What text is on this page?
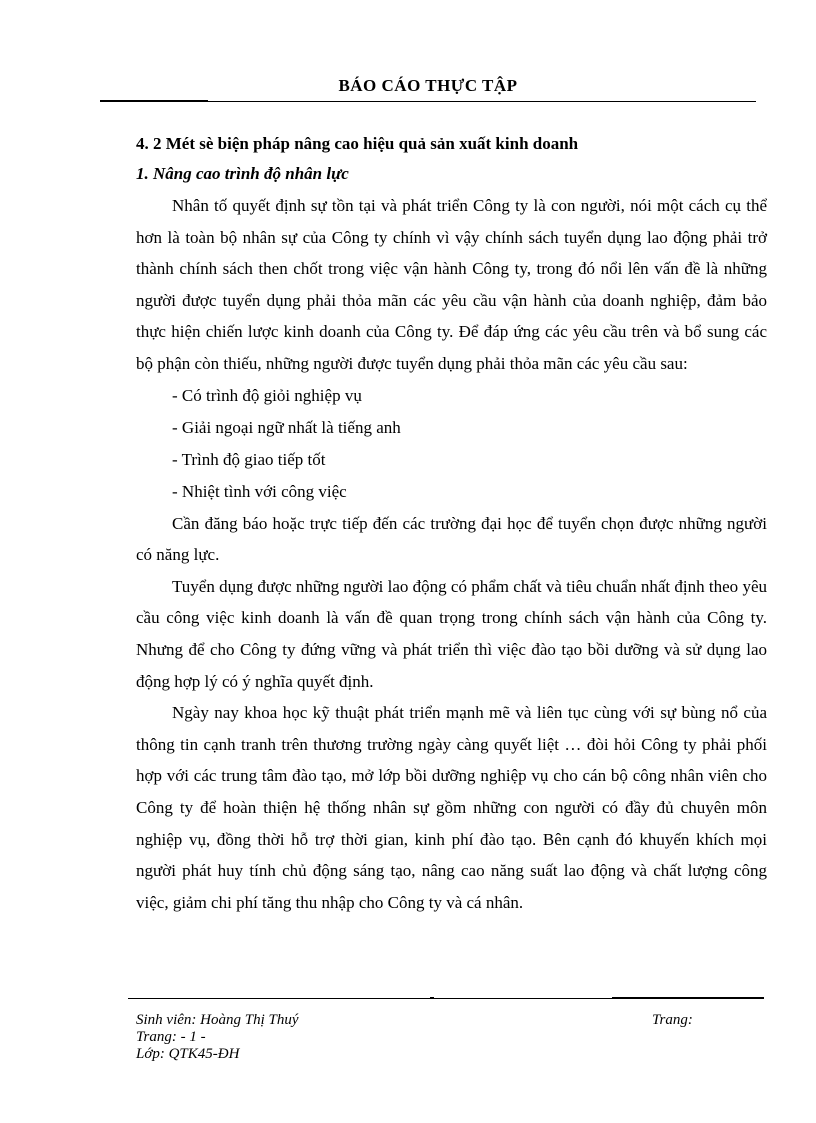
BÁO CÁO THỰC TẬP
4. 2 Mét sè biện pháp nâng cao hiệu quả sản xuất kinh doanh
1. Nâng cao trình độ nhân lực

Nhân tố quyết định sự tồn tại và phát triển Công ty là con người, nói một cách cụ thể hơn là toàn bộ nhân sự của Công ty chính vì vậy chính sách tuyển dụng lao động phải trở thành chính sách then chốt trong việc vận hành Công ty, trong đó nổi lên vấn đề là những người được tuyển dụng phải thỏa mãn các yêu cầu vận hành của doanh nghiệp, đảm bảo thực hiện chiến lược kinh doanh của Công ty. Để đáp ứng các yêu cầu trên và bổ sung các bộ phận còn thiếu, những người được tuyển dụng phải thỏa mãn các yêu cầu sau:

- Có trình độ giỏi nghiệp vụ
- Giải ngoại ngữ nhất là tiếng anh
- Trình độ giao tiếp tốt
- Nhiệt tình với công việc

Cần đăng báo hoặc trực tiếp đến các trường đại học để tuyển chọn được những người có năng lực.

Tuyển dụng được những người lao động có phẩm chất và tiêu chuẩn nhất định theo yêu cầu công việc kinh doanh là vấn đề quan trọng trong chính sách vận hành của Công ty. Nhưng để cho Công ty đứng vững và phát triển thì việc đào tạo bồi dưỡng và sử dụng lao động hợp lý có ý nghĩa quyết định.

Ngày nay khoa học kỹ thuật phát triển mạnh mẽ và liên tục cùng với sự bùng nổ của thông tin cạnh tranh trên thương trường ngày càng quyết liệt … đòi hỏi Công ty phải phối hợp với các trung tâm đào tạo, mở lớp bồi dưỡng nghiệp vụ cho cán bộ công nhân viên cho Công ty để hoàn thiện hệ thống nhân sự gồm những con người có đầy đủ chuyên môn nghiệp vụ, đồng thời hỗ trợ thời gian, kinh phí đào tạo. Bên cạnh đó khuyến khích mọi người phát huy tính chủ động sáng tạo, nâng cao năng suất lao động và chất lượng công việc, giảm chi phí tăng thu nhập cho Công ty và cá nhân.

Sinh viên: Hoàng Thị Thuý	Trang:
Trang: - 1 -
Lớp: QTK45-ĐH
